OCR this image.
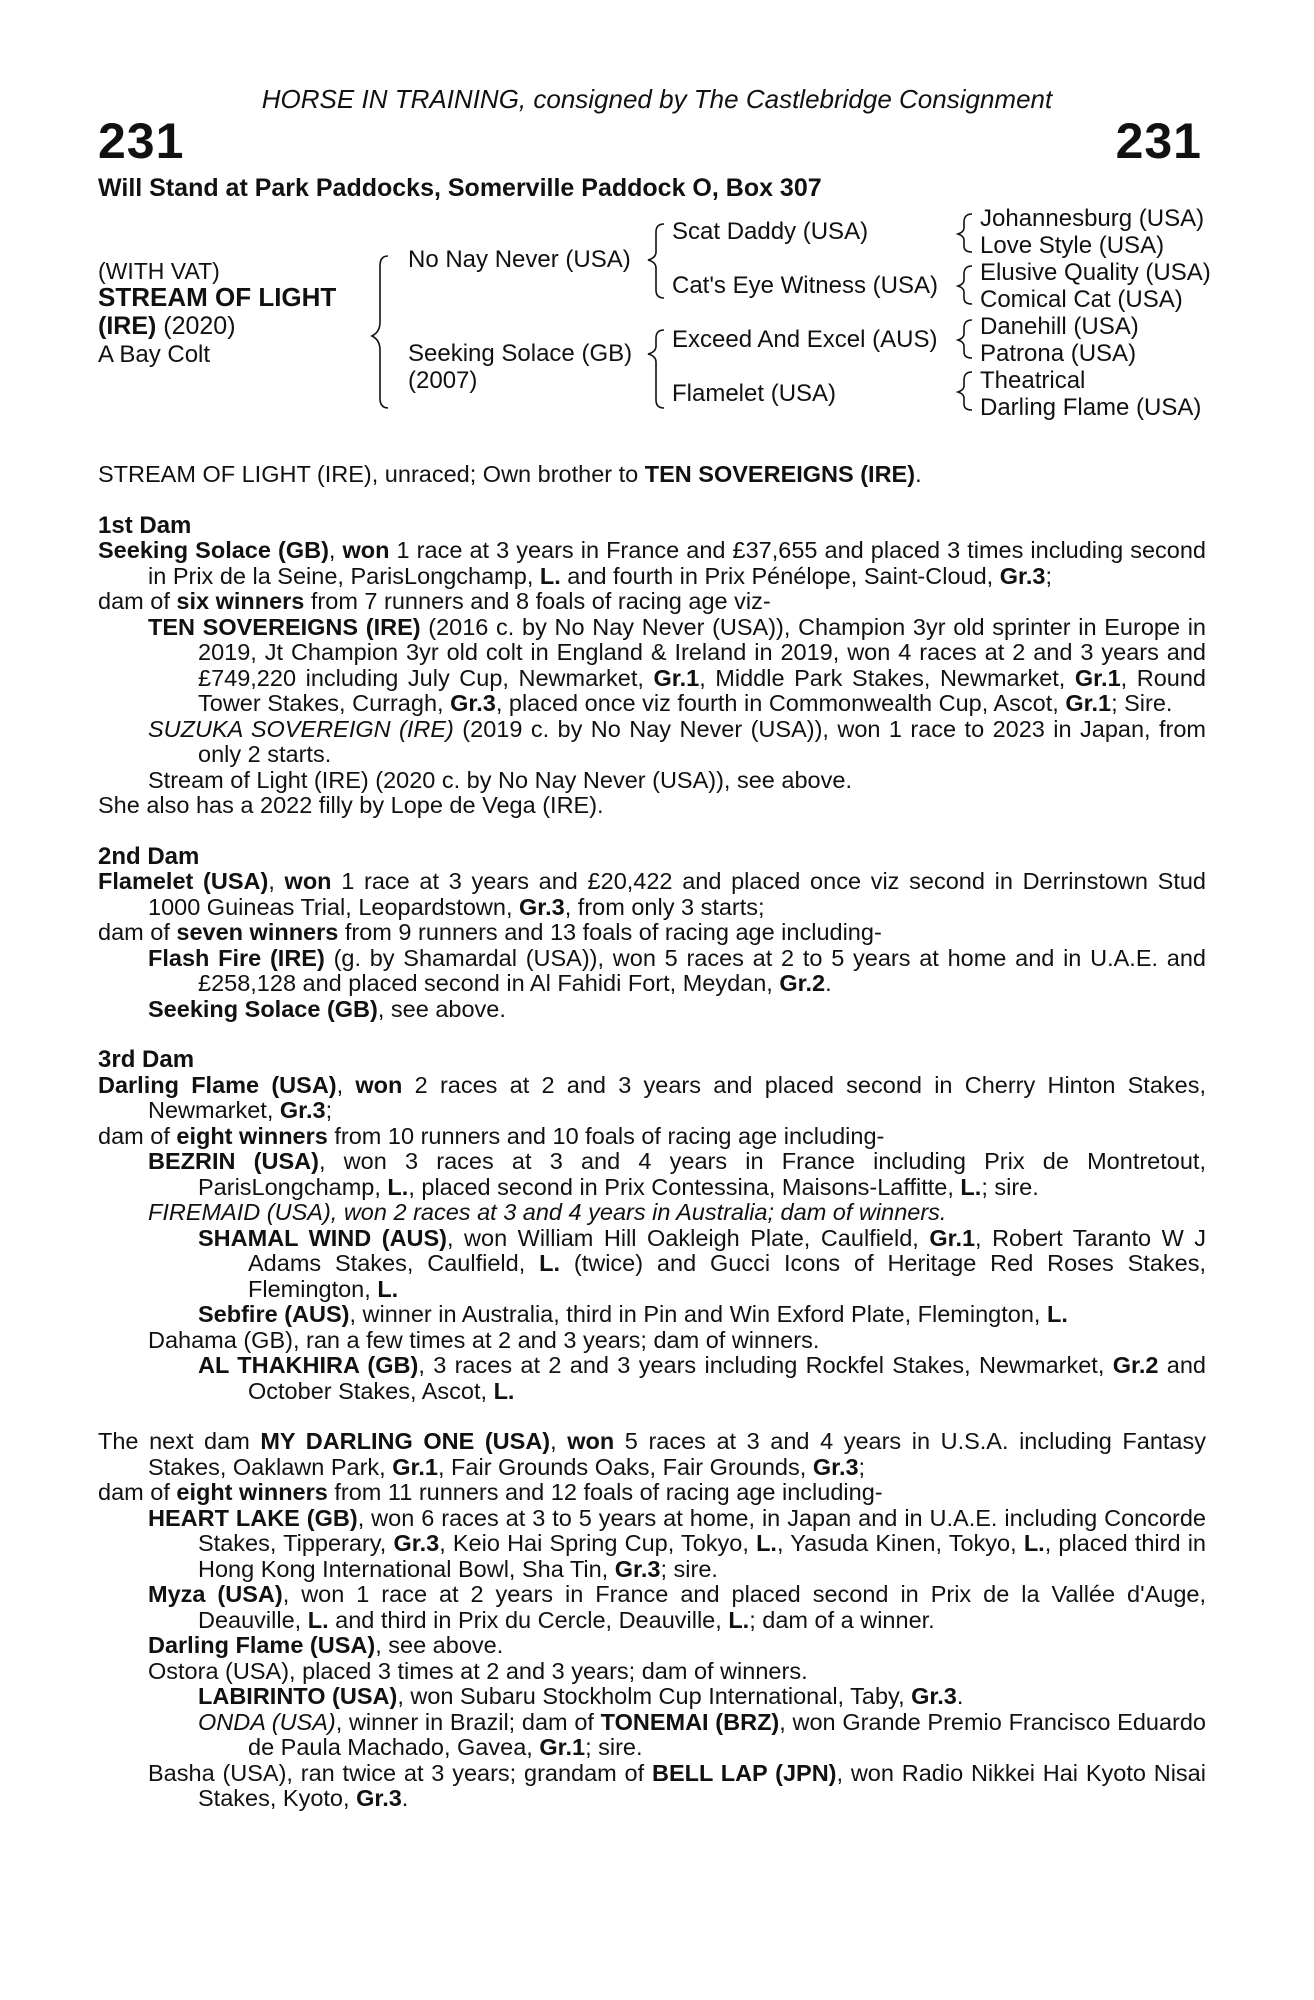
HORSE IN TRAINING, consigned by The Castlebridge Consignment
231	231
Will Stand at Park Paddocks, Somerville Paddock O, Box 307
(WITH VAT)
STREAM OF LIGHT
(IRE) (2020)
A Bay Colt
No Nay Never (USA)
Seeking Solace (GB)
(2007)
Scat Daddy (USA)
Cat's Eye Witness (USA)
Exceed And Excel (AUS)
Flamelet (USA)
Johannesburg (USA)
Love Style (USA)
Elusive Quality (USA)
Comical Cat (USA)
Danehill (USA)
Patrona (USA)
Theatrical
Darling Flame (USA)

STREAM OF LIGHT (IRE), unraced; Own brother to TEN SOVEREIGNS (IRE).

1st Dam

Seeking Solace (GB), won 1 race at 3 years in France and £37,655 and placed 3 times including second in Prix de la Seine, ParisLongchamp, L. and fourth in Prix Pénélope, Saint-Cloud, Gr.3;

dam of six winners from 7 runners and 8 foals of racing age viz-

TEN SOVEREIGNS (IRE) (2016 c. by No Nay Never (USA)), Champion 3yr old sprinter in Europe in 2019, Jt Champion 3yr old colt in England & Ireland in 2019, won 4 races at 2 and 3 years and £749,220 including July Cup, Newmarket, Gr.1, Middle Park Stakes, Newmarket, Gr.1, Round Tower Stakes, Curragh, Gr.3, placed once viz fourth in Commonwealth Cup, Ascot, Gr.1; Sire.

SUZUKA SOVEREIGN (IRE) (2019 c. by No Nay Never (USA)), won 1 race to 2023 in Japan, from only 2 starts.

Stream of Light (IRE) (2020 c. by No Nay Never (USA)), see above.

She also has a 2022 filly by Lope de Vega (IRE).

2nd Dam

Flamelet (USA), won 1 race at 3 years and £20,422 and placed once viz second in Derrinstown Stud 1000 Guineas Trial, Leopardstown, Gr.3, from only 3 starts;

dam of seven winners from 9 runners and 13 foals of racing age including-

Flash Fire (IRE) (g. by Shamardal (USA)), won 5 races at 2 to 5 years at home and in U.A.E. and £258,128 and placed second in Al Fahidi Fort, Meydan, Gr.2.

Seeking Solace (GB), see above.

3rd Dam

Darling Flame (USA), won 2 races at 2 and 3 years and placed second in Cherry Hinton Stakes, Newmarket, Gr.3;

dam of eight winners from 10 runners and 10 foals of racing age including-

BEZRIN (USA), won 3 races at 3 and 4 years in France including Prix de Montretout, ParisLongchamp, L., placed second in Prix Contessina, Maisons-Laffitte, L.; sire.

FIREMAID (USA), won 2 races at 3 and 4 years in Australia; dam of winners.

SHAMAL WIND (AUS), won William Hill Oakleigh Plate, Caulfield, Gr.1, Robert Taranto W J Adams Stakes, Caulfield, L. (twice) and Gucci Icons of Heritage Red Roses Stakes, Flemington, L.

Sebfire (AUS), winner in Australia, third in Pin and Win Exford Plate, Flemington, L.

Dahama (GB), ran a few times at 2 and 3 years; dam of winners.

AL THAKHIRA (GB), 3 races at 2 and 3 years including Rockfel Stakes, Newmarket, Gr.2 and October Stakes, Ascot, L.

The next dam MY DARLING ONE (USA), won 5 races at 3 and 4 years in U.S.A. including Fantasy Stakes, Oaklawn Park, Gr.1, Fair Grounds Oaks, Fair Grounds, Gr.3;

dam of eight winners from 11 runners and 12 foals of racing age including-

HEART LAKE (GB), won 6 races at 3 to 5 years at home, in Japan and in U.A.E. including Concorde Stakes, Tipperary, Gr.3, Keio Hai Spring Cup, Tokyo, L., Yasuda Kinen, Tokyo, L., placed third in Hong Kong International Bowl, Sha Tin, Gr.3; sire.

Myza (USA), won 1 race at 2 years in France and placed second in Prix de la Vallée d'Auge, Deauville, L. and third in Prix du Cercle, Deauville, L.; dam of a winner.

Darling Flame (USA), see above.

Ostora (USA), placed 3 times at 2 and 3 years; dam of winners.

LABIRINTO (USA), won Subaru Stockholm Cup International, Taby, Gr.3.

ONDA (USA), winner in Brazil; dam of TONEMAI (BRZ), won Grande Premio Francisco Eduardo de Paula Machado, Gavea, Gr.1; sire.

Basha (USA), ran twice at 3 years; grandam of BELL LAP (JPN), won Radio Nikkei Hai Kyoto Nisai Stakes, Kyoto, Gr.3.
